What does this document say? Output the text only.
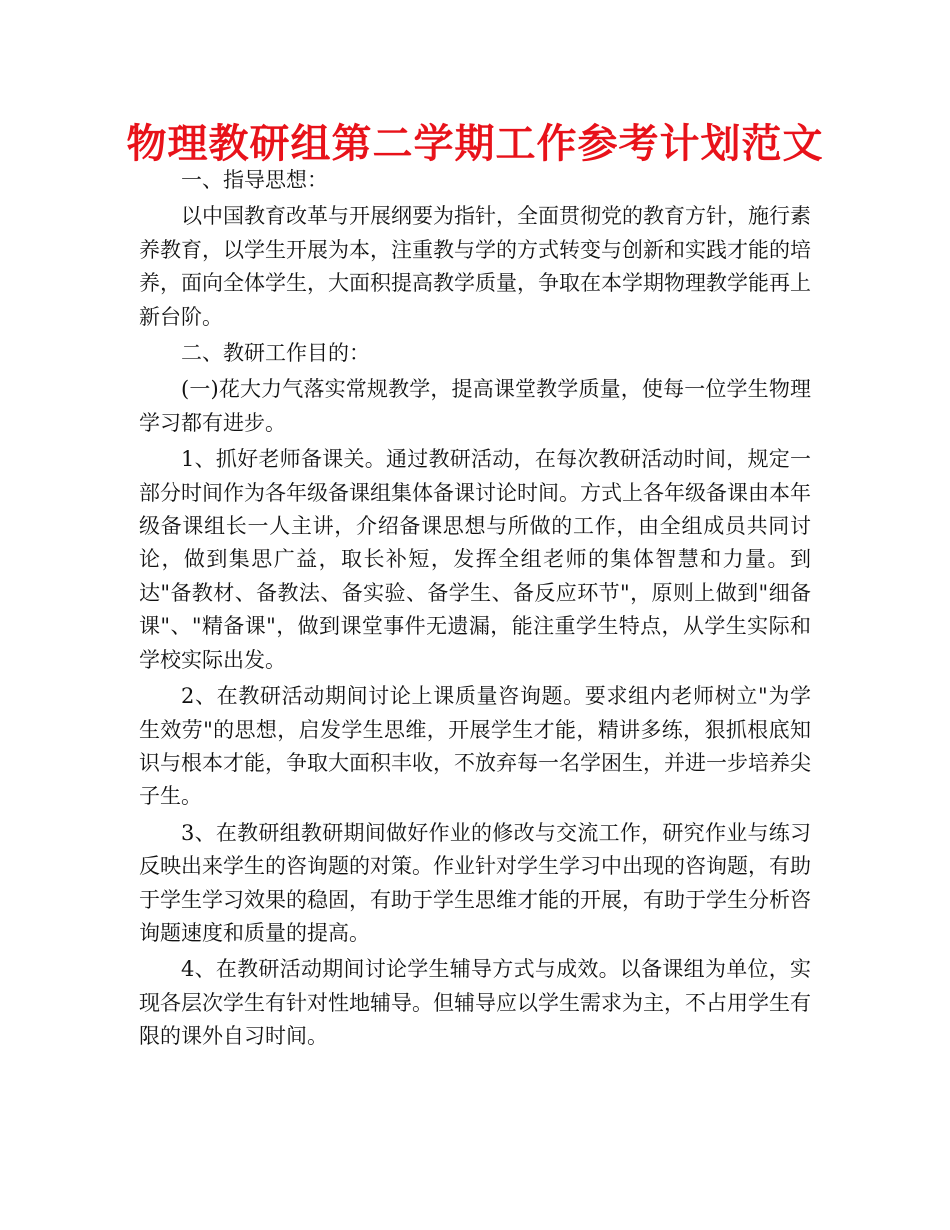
物理教研组第二学期工作参考计划范文

一、指导思想：

以中国教育改革与开展纲要为指针，全面贯彻党的教育方针，施行素养教育，以学生开展为本，注重教与学的方式转变与创新和实践才能的培养，面向全体学生，大面积提高教学质量，争取在本学期物理教学能再上新台阶。

二、教研工作目的：

(一)花大力气落实常规教学，提高课堂教学质量，使每一位学生物理学习都有进步。

1、抓好老师备课关。通过教研活动，在每次教研活动时间，规定一部分时间作为各年级备课组集体备课讨论时间。方式上各年级备课由本年级备课组长一人主讲，介绍备课思想与所做的工作，由全组成员共同讨论，做到集思广益，取长补短，发挥全组老师的集体智慧和力量。到达"备教材、备教法、备实验、备学生、备反应环节"，原则上做到"细备课"、"精备课"，做到课堂事件无遗漏，能注重学生特点，从学生实际和学校实际出发。

2、在教研活动期间讨论上课质量咨询题。要求组内老师树立"为学生效劳"的思想，启发学生思维，开展学生才能，精讲多练，狠抓根底知识与根本才能，争取大面积丰收，不放弃每一名学困生，并进一步培养尖子生。

3、在教研组教研期间做好作业的修改与交流工作，研究作业与练习反映出来学生的咨询题的对策。作业针对学生学习中出现的咨询题，有助于学生学习效果的稳固，有助于学生思维才能的开展，有助于学生分析咨询题速度和质量的提高。

4、在教研活动期间讨论学生辅导方式与成效。以备课组为单位，实现各层次学生有针对性地辅导。但辅导应以学生需求为主，不占用学生有限的课外自习时间。
